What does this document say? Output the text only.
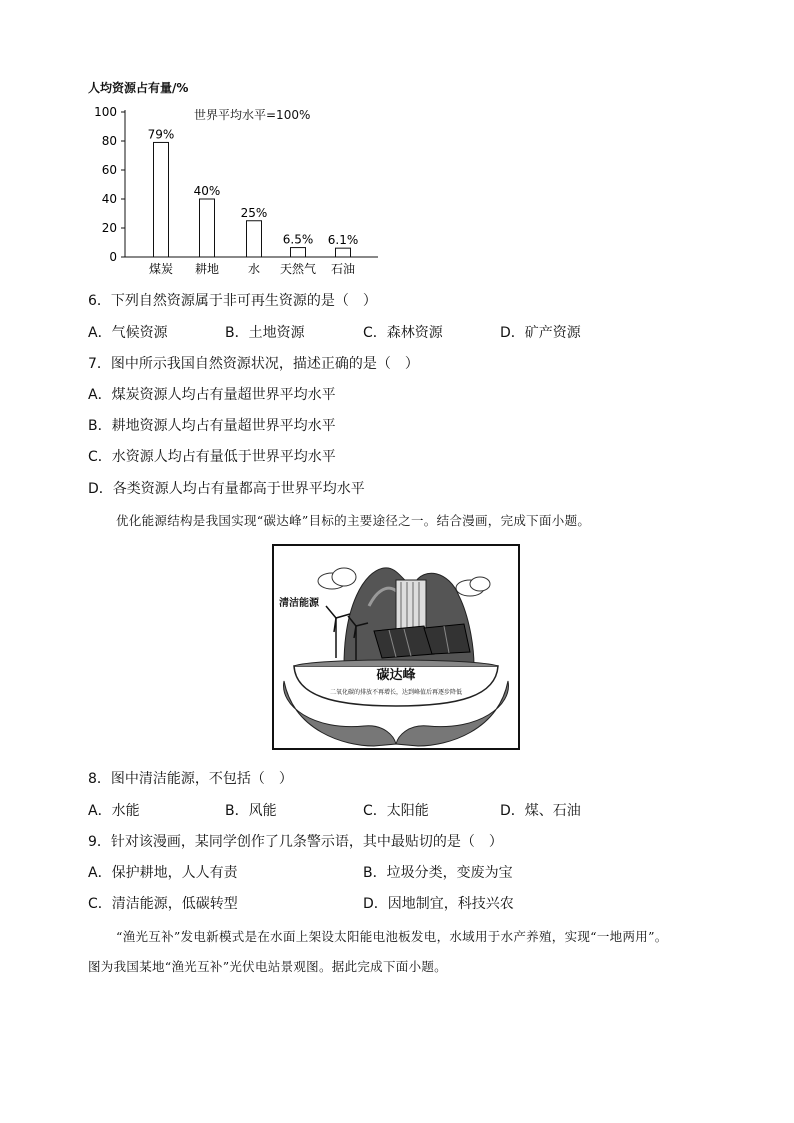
人均资源占有量/%
世界平均水平=100%
0
20
40
60
80
100
79%
煤炭
40%
耕地
25%
水
6.5%
天然气
6.1%
石油
6．下列自然资源属于非可再生资源的是（　）
A．气候资源	B．土地资源	C．森林资源	D．矿产资源
7．图中所示我国自然资源状况，描述正确的是（　）
A．煤炭资源人均占有量超世界平均水平
B．耕地资源人均占有量超世界平均水平
C．水资源人均占有量低于世界平均水平
D．各类资源人均占有量都高于世界平均水平
优化能源结构是我国实现“碳达峰”目标的主要途径之一。结合漫画，完成下面小题。
清洁能源
碳达峰
二氧化碳的排放不再增长，达到峰值后再逐步降低
8．图中清洁能源，不包括（　）
A．水能	B．风能	C．太阳能	D．煤、石油
9．针对该漫画，某同学创作了几条警示语，其中最贴切的是（　）
A．保护耕地，人人有责	B．垃圾分类，变废为宝
C．清洁能源，低碳转型	D．因地制宜，科技兴农
“渔光互补”发电新模式是在水面上架设太阳能电池板发电，水域用于水产养殖，实现“一地两用”。
图为我国某地“渔光互补”光伏电站景观图。据此完成下面小题。
